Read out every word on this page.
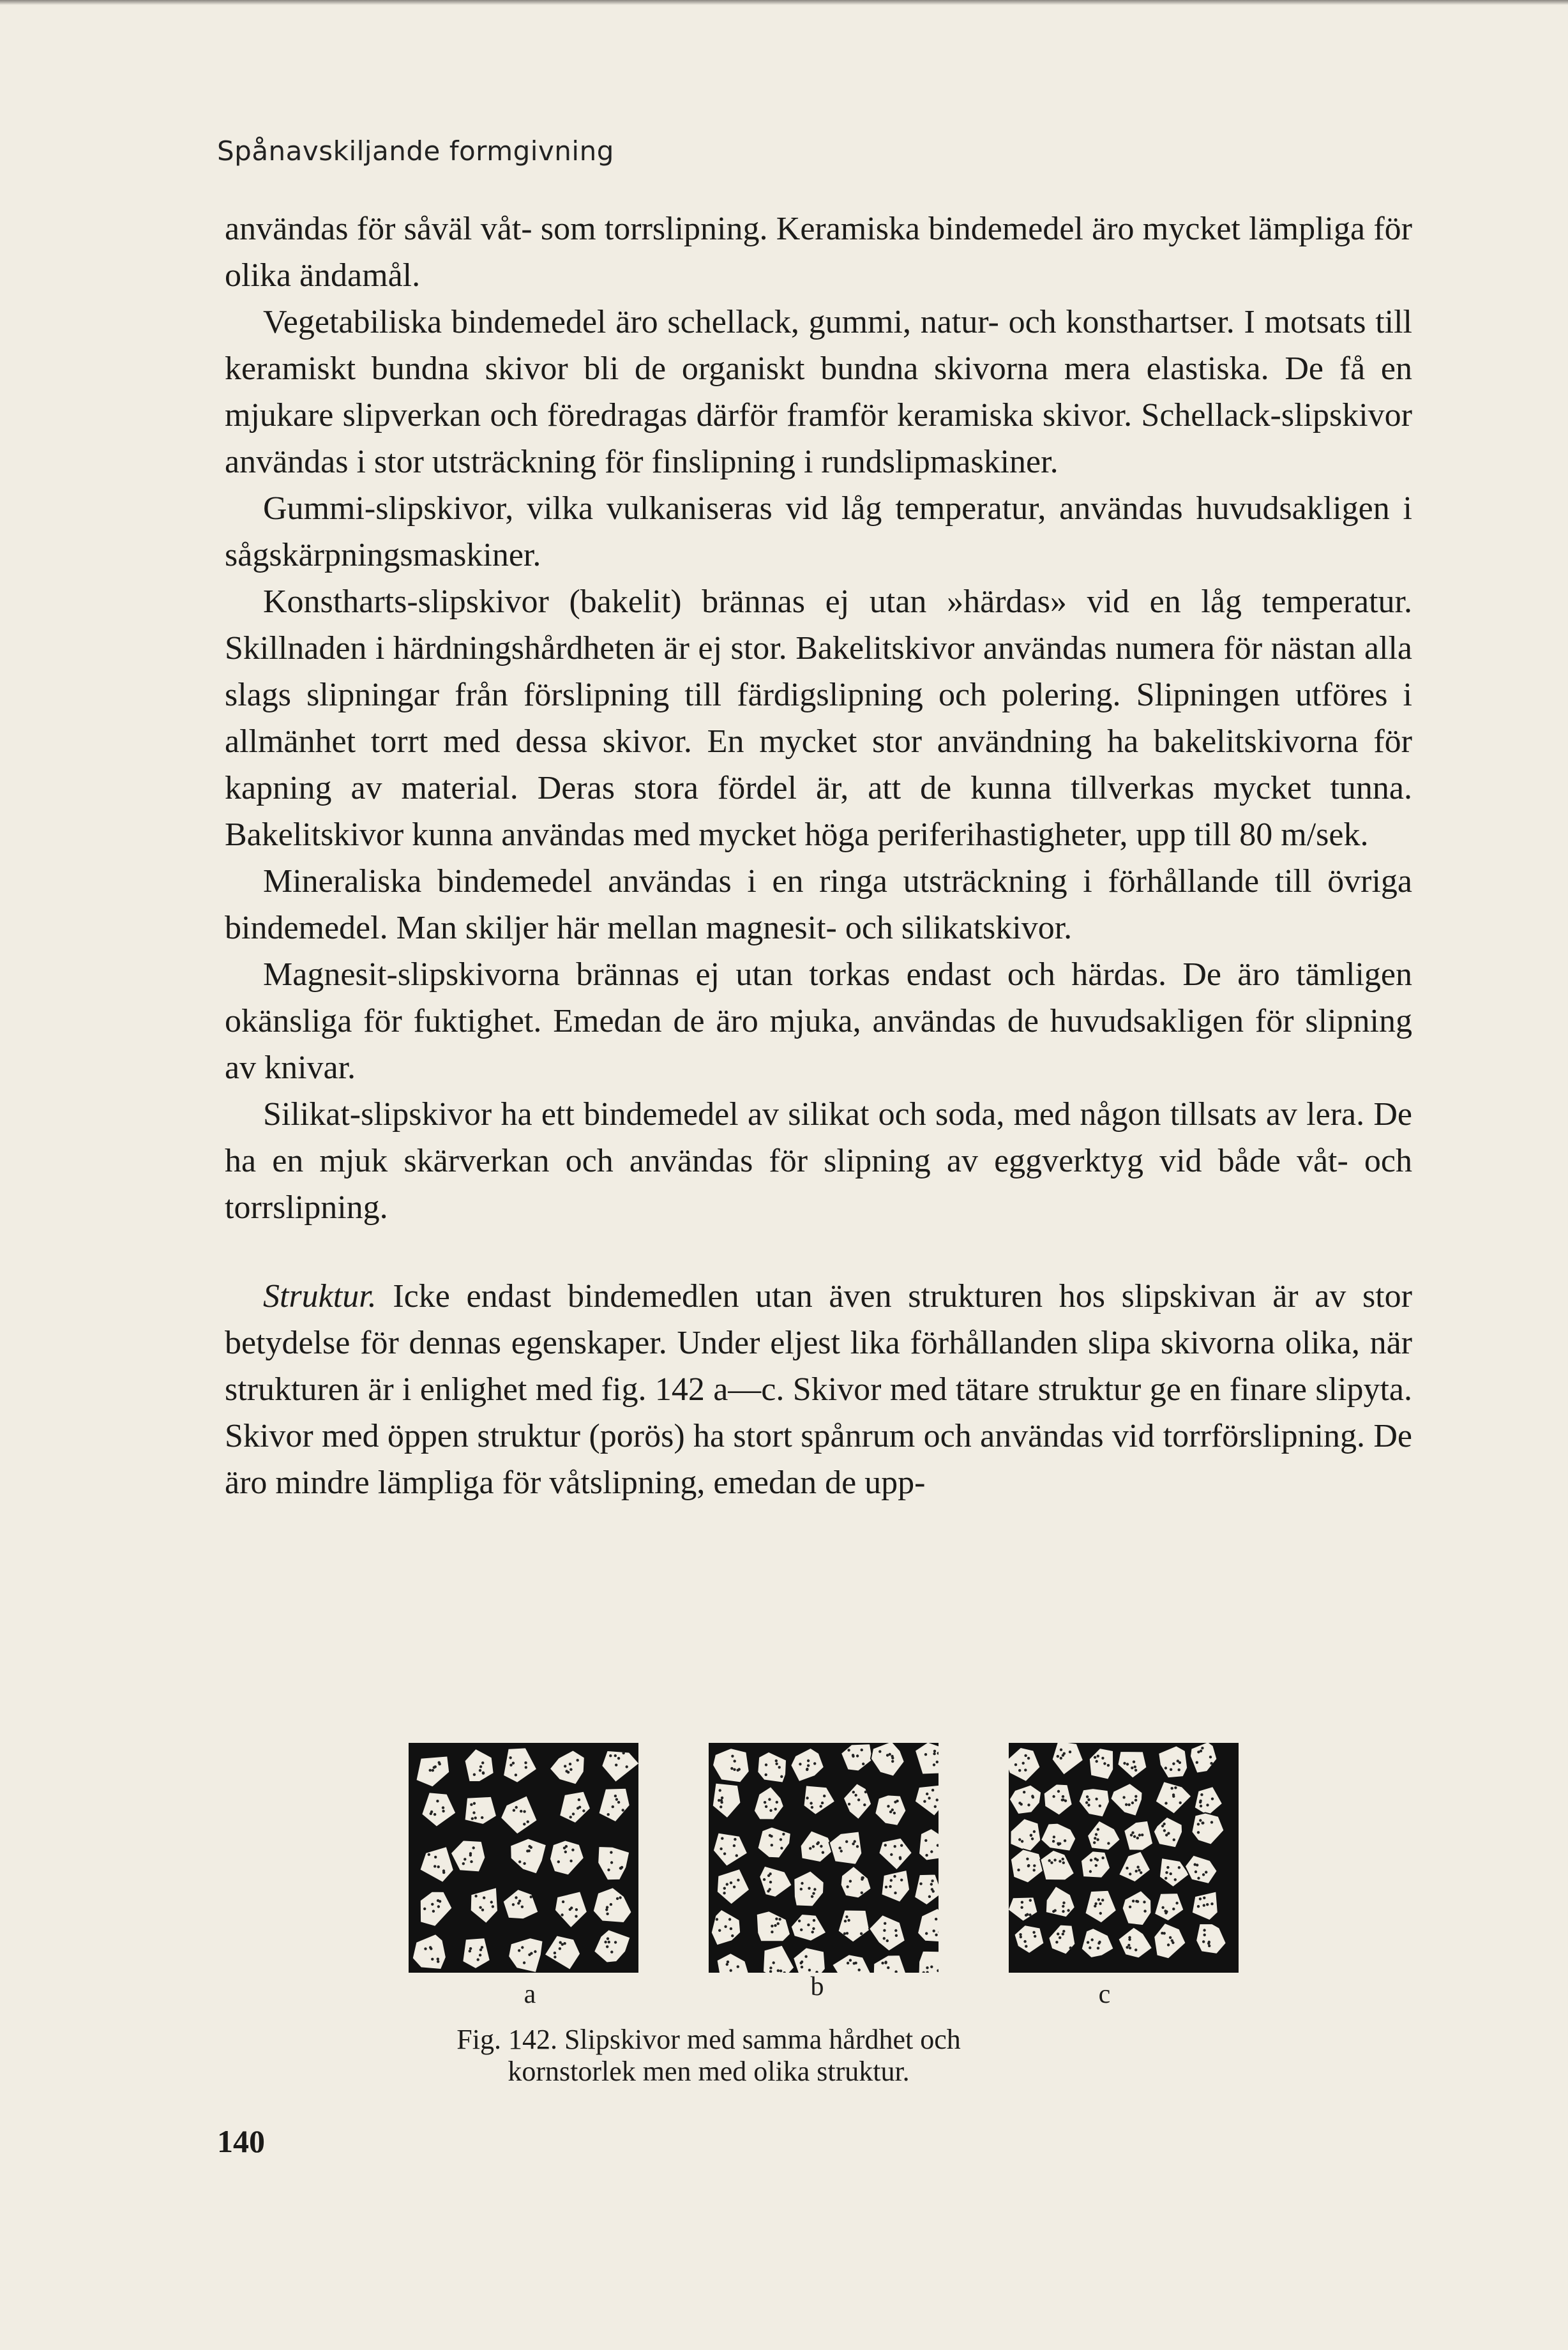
Spånavskiljande formgivning

användas för såväl våt- som torrslipning. Keramiska bindemedel äro mycket lämpliga för olika ändamål.

Vegetabiliska bindemedel äro schellack, gummi, natur- och konsthartser. I motsats till keramiskt bundna skivor bli de organiskt bundna skivorna mera elastiska. De få en mjukare slipverkan och föredragas därför framför keramiska skivor. Schellack-slipskivor användas i stor utsträckning för finslipning i rundslipmaskiner.

Gummi-slipskivor, vilka vulkaniseras vid låg temperatur, användas huvudsakligen i sågskärpningsmaskiner.

Konstharts-slipskivor (bakelit) brännas ej utan »härdas» vid en låg temperatur. Skillnaden i härdningshårdheten är ej stor. Bakelitskivor användas numera för nästan alla slags slipningar från förslipning till färdigslipning och polering. Slipningen utföres i allmänhet torrt med dessa skivor. En mycket stor användning ha bakelitskivorna för kapning av material. Deras stora fördel är, att de kunna tillverkas mycket tunna. Bakelitskivor kunna användas med mycket höga periferihastigheter, upp till 80 m/sek.

Mineraliska bindemedel användas i en ringa utsträckning i förhållande till övriga bindemedel. Man skiljer här mellan magnesit- och silikatskivor.

Magnesit-slipskivorna brännas ej utan torkas endast och härdas. De äro tämligen okänsliga för fuktighet. Emedan de äro mjuka, användas de huvudsakligen för slipning av knivar.

Silikat-slipskivor ha ett bindemedel av silikat och soda, med någon tillsats av lera. De ha en mjuk skärverkan och användas för slipning av eggverktyg vid både våt- och torrslipning.

Struktur. Icke endast bindemedlen utan även strukturen hos slipskivan är av stor betydelse för dennas egenskaper. Under eljest lika förhållanden slipa skivorna olika, när strukturen är i enlighet med fig. 142 a—c. Skivor med tätare struktur ge en finare slipyta. Skivor med öppen struktur (porös) ha stort spånrum och användas vid torrförslipning. De äro mindre lämpliga för våtslipning, emedan de upp-

a	b	c
Fig. 142. Slipskivor med samma hårdhet och
kornstorlek men med olika struktur.
140
